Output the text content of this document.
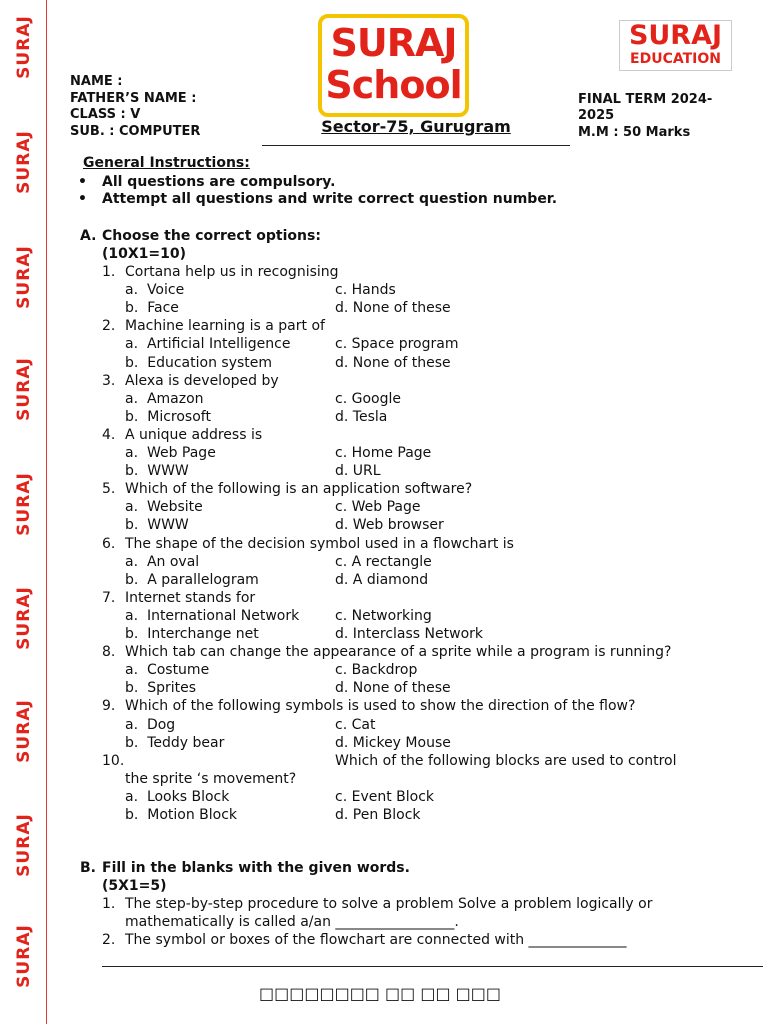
SURAJ
SURAJ
SURAJ
SURAJ
SURAJ
SURAJ
SURAJ
SURAJ
SURAJ
SURAJ
School
SURAJ
EDUCATION
NAME :
FATHER’S NAME :
CLASS : V
SUB. : COMPUTER	Sector-75, Gurugram
FINAL TERM 2024-
2025
M.M : 50 Marks
General Instructions:
• All questions are compulsory.
• Attempt all questions and write correct question number.
A. Choose the correct options:
(10X1=10)
1. Cortana help us in recognising
a.  Voice	c. Hands
b.  Face	d. None of these
2. Machine learning is a part of
a.  Artificial Intelligence	c. Space program
b.  Education system	d. None of these
3. Alexa is developed by
a.  Amazon	c. Google
b.  Microsoft	d. Tesla
4. A unique address is
a.  Web Page	c. Home Page
b.  WWW	d. URL
5. Which of the following is an application software?
a.  Website	c. Web Page
b.  WWW	d. Web browser
6. The shape of the decision symbol used in a flowchart is
a.  An oval	c. A rectangle
b.  A parallelogram	d. A diamond
7. Internet stands for
a.  International Network	c. Networking
b.  Interchange net	d. Interclass Network
8. Which tab can change the appearance of a sprite while a program is running?
a.  Costume	c. Backdrop
b.  Sprites	d. None of these
9. Which of the following symbols is used to show the direction of the flow?
a.  Dog	c. Cat
b.  Teddy bear	d. Mickey Mouse
10.	Which of the following blocks are used to control
the sprite ‘s movement?
a.  Looks Block	c. Event Block
b.  Motion Block	d. Pen Block
B. Fill in the blanks with the given words.
(5X1=5)
1. The step-by-step procedure to solve a problem Solve a problem logically or
mathematically is called a/an _________________.
2. The symbol or boxes of the flowchart are connected with ______________
□□□□□□□□ □□ □□ □□□
